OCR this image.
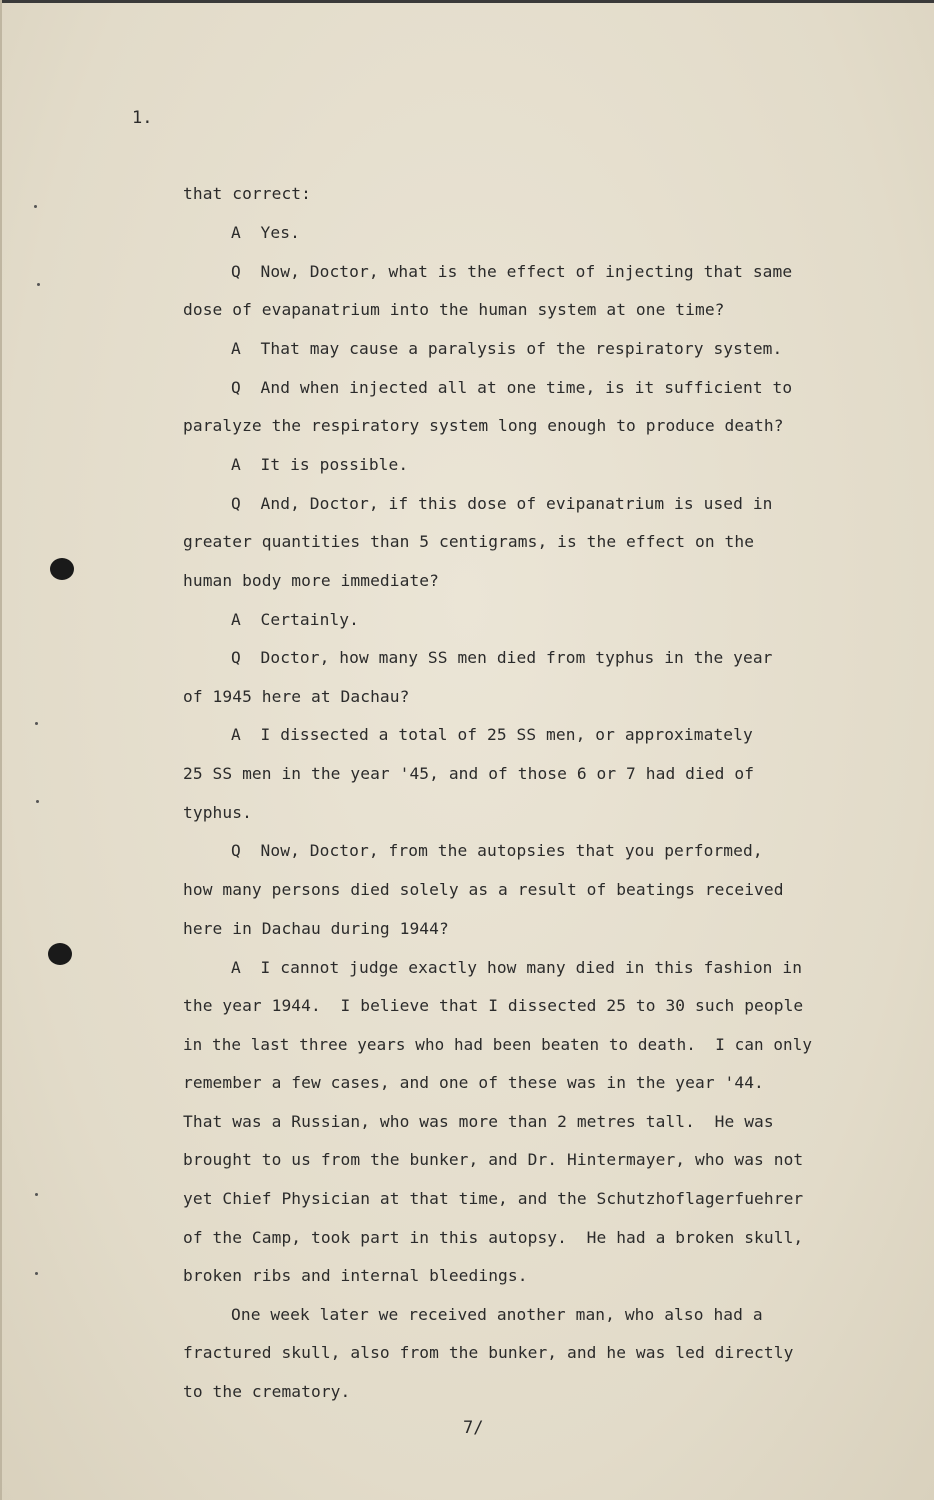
1.
that correct:
A  Yes.
Q  Now, Doctor, what is the effect of injecting that same
dose of evapanatrium into the human system at one time?
A  That may cause a paralysis of the respiratory system.
Q  And when injected all at one time, is it sufficient to
paralyze the respiratory system long enough to produce death?
A  It is possible.
Q  And, Doctor, if this dose of evipanatrium is used in
greater quantities than 5 centigrams, is the effect on the
human body more immediate?
A  Certainly.
Q  Doctor, how many SS men died from typhus in the year
of 1945 here at Dachau?
A  I dissected a total of 25 SS men, or approximately
25 SS men in the year '45, and of those 6 or 7 had died of
typhus.
Q  Now, Doctor, from the autopsies that you performed,
how many persons died solely as a result of beatings received
here in Dachau during 1944?
A  I cannot judge exactly how many died in this fashion in
the year 1944.  I believe that I dissected 25 to 30 such people
in the last three years who had been beaten to death.  I can only
remember a few cases, and one of these was in the year '44.
That was a Russian, who was more than 2 metres tall.  He was
brought to us from the bunker, and Dr. Hintermayer, who was not
yet Chief Physician at that time, and the Schutzhoflagerfuehrer
of the Camp, took part in this autopsy.  He had a broken skull,
broken ribs and internal bleedings.
One week later we received another man, who also had a
fractured skull, also from the bunker, and he was led directly
to the crematory.
7/
